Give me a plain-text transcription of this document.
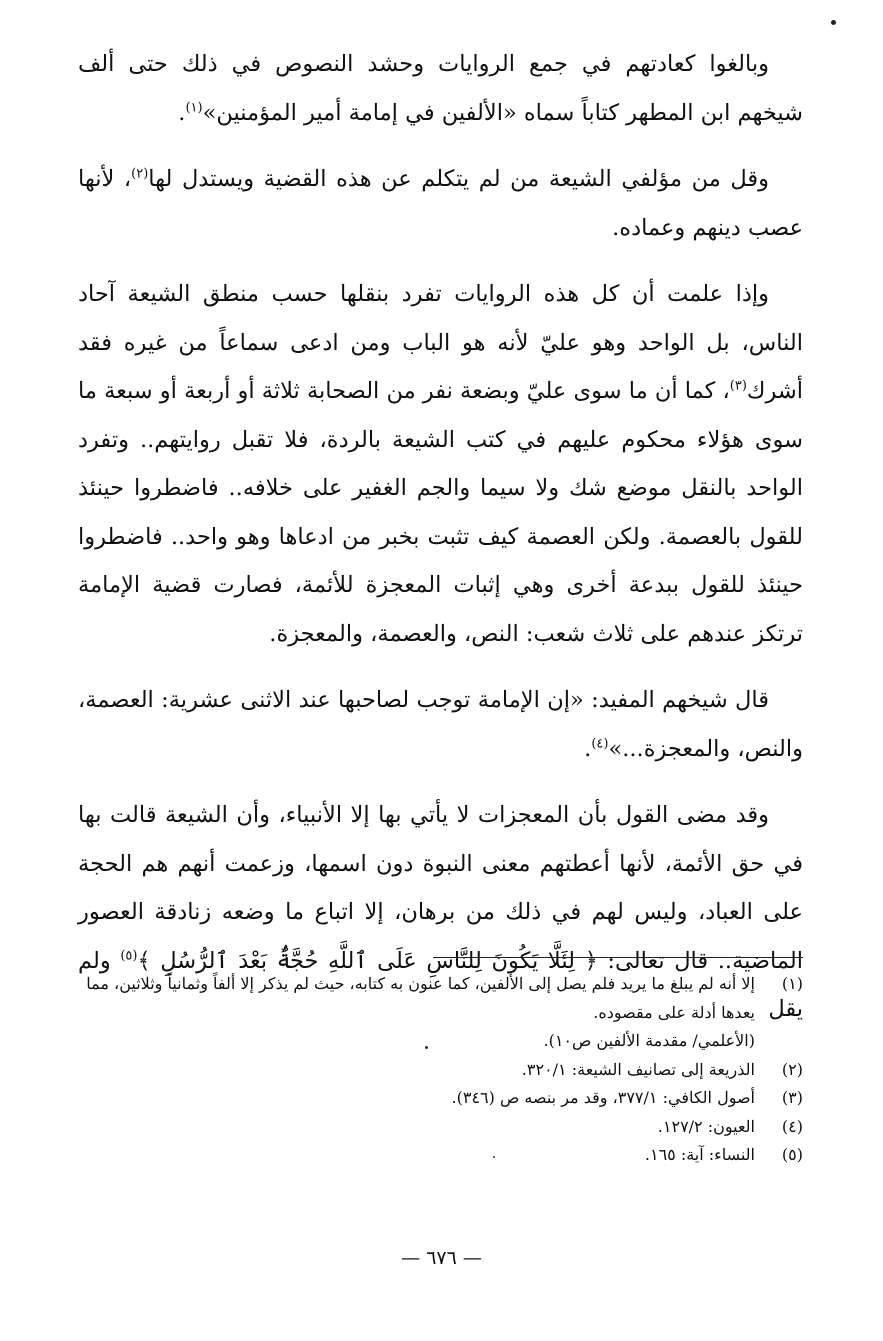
وبالغوا كعادتهم في جمع الروايات وحشد النصوص في ذلك حتى ألف شيخهم ابن المطهر كتاباً سماه «الألفين في إمامة أمير المؤمنين»$^{(١)}$.

وقل من مؤلفي الشيعة من لم يتكلم عن هذه القضية ويستدل لها$^{(٢)}$، لأنها عصب دينهم وعماده.

وإذا علمت أن كل هذه الروايات تفرد بنقلها حسب منطق الشيعة آحاد الناس، بل الواحد وهو عليّ لأنه هو الباب ومن ادعى سماعاً من غيره فقد أشرك$^{(٣)}$، كما أن ما سوى عليّ وبضعة نفر من الصحابة ثلاثة أو أربعة أو سبعة ما سوى هؤلاء محكوم عليهم في كتب الشيعة بالردة، فلا تقبل روايتهم.. وتفرد الواحد بالنقل موضع شك ولا سيما والجم الغفير على خلافه.. فاضطروا حينئذ للقول بالعصمة. ولكن العصمة كيف تثبت بخبر من ادعاها وهو واحد.. فاضطروا حينئذ للقول ببدعة أخرى وهي إثبات المعجزة للأئمة، فصارت قضية الإمامة ترتكز عندهم على ثلاث شعب: النص، والعصمة، والمعجزة.

قال شيخهم المفيد: «إن الإمامة توجب لصاحبها عند الاثنى عشرية: العصمة، والنص، والمعجزة...»$^{(٤)}$.

وقد مضى القول بأن المعجزات لا يأتي بها إلا الأنبياء، وأن الشيعة قالت بها في حق الأئمة، لأنها أعطتهم معنى النبوة دون اسمها، وزعمت أنهم هم الحجة على العباد، وليس لهم في ذلك من برهان، إلا اتباع ما وضعه زنادقة العصور الماضية.. قال تعالى: ﴿ لِئَلَّا يَكُونَ لِلنَّاسِ عَلَى ٱللَّهِ حُجَّةٌۢ بَعْدَ ٱلرُّسُلِ ﴾$^{(٥)}$ ولم يقل

(١)
إلا أنه لم يبلغ ما يريد فلم يصل إلى الألفين، كما عنون به كتابه، حيث لم يذكر إلا ألفاً وثمانياً وثلاثين، مما يعدها أدلة على مقصوده.
(الأعلمي/ مقدمة الألفين ص١٠).
(٢)
الذريعة إلى تصانيف الشيعة: ٣٢٠/١.
(٣)
أصول الكافي: ٣٧٧/١، وقد مر بنصه ص (٣٤٦).
(٤)
العيون: ١٢٧/٢.
(٥)
النساء: آية: ١٦٥.
— ٦٧٦ —
